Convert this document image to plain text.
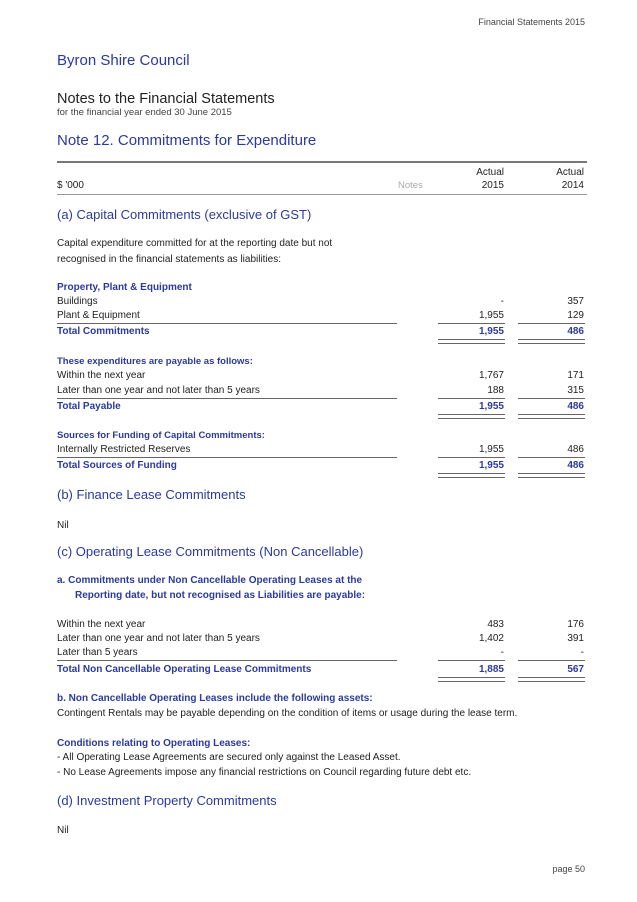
Financial Statements 2015
Byron Shire Council
Notes to the Financial Statements
for the financial year ended 30 June 2015
Note 12. Commitments for Expenditure
Actual	Actual
$ '000	Notes	2015	2014
(a) Capital Commitments (exclusive of GST)
Capital expenditure committed for at the reporting date but not
recognised in the financial statements as liabilities:
Property, Plant & Equipment
Buildings	-	357
Plant & Equipment	1,955	129
Total Commitments	1,955	486
These expenditures are payable as follows:
Within the next year	1,767	171
Later than one year and not later than 5 years	188	315
Total Payable	1,955	486
Sources for Funding of Capital Commitments:
Internally Restricted Reserves	1,955	486
Total Sources of Funding	1,955	486
(b) Finance Lease Commitments
Nil
(c) Operating Lease Commitments (Non Cancellable)
a. Commitments under Non Cancellable Operating Leases at the
Reporting date, but not recognised as Liabilities are payable:
Within the next year	483	176
Later than one year and not later than 5 years	1,402	391
Later than 5 years	-	-
Total Non Cancellable Operating Lease Commitments	1,885	567
b. Non Cancellable Operating Leases include the following assets:
Contingent Rentals may be payable depending on the condition of items or usage during the lease term.
Conditions relating to Operating Leases:
- All Operating Lease Agreements are secured only against the Leased Asset.
- No Lease Agreements impose any financial restrictions on Council regarding future debt etc.
(d) Investment Property Commitments
Nil
page 50
